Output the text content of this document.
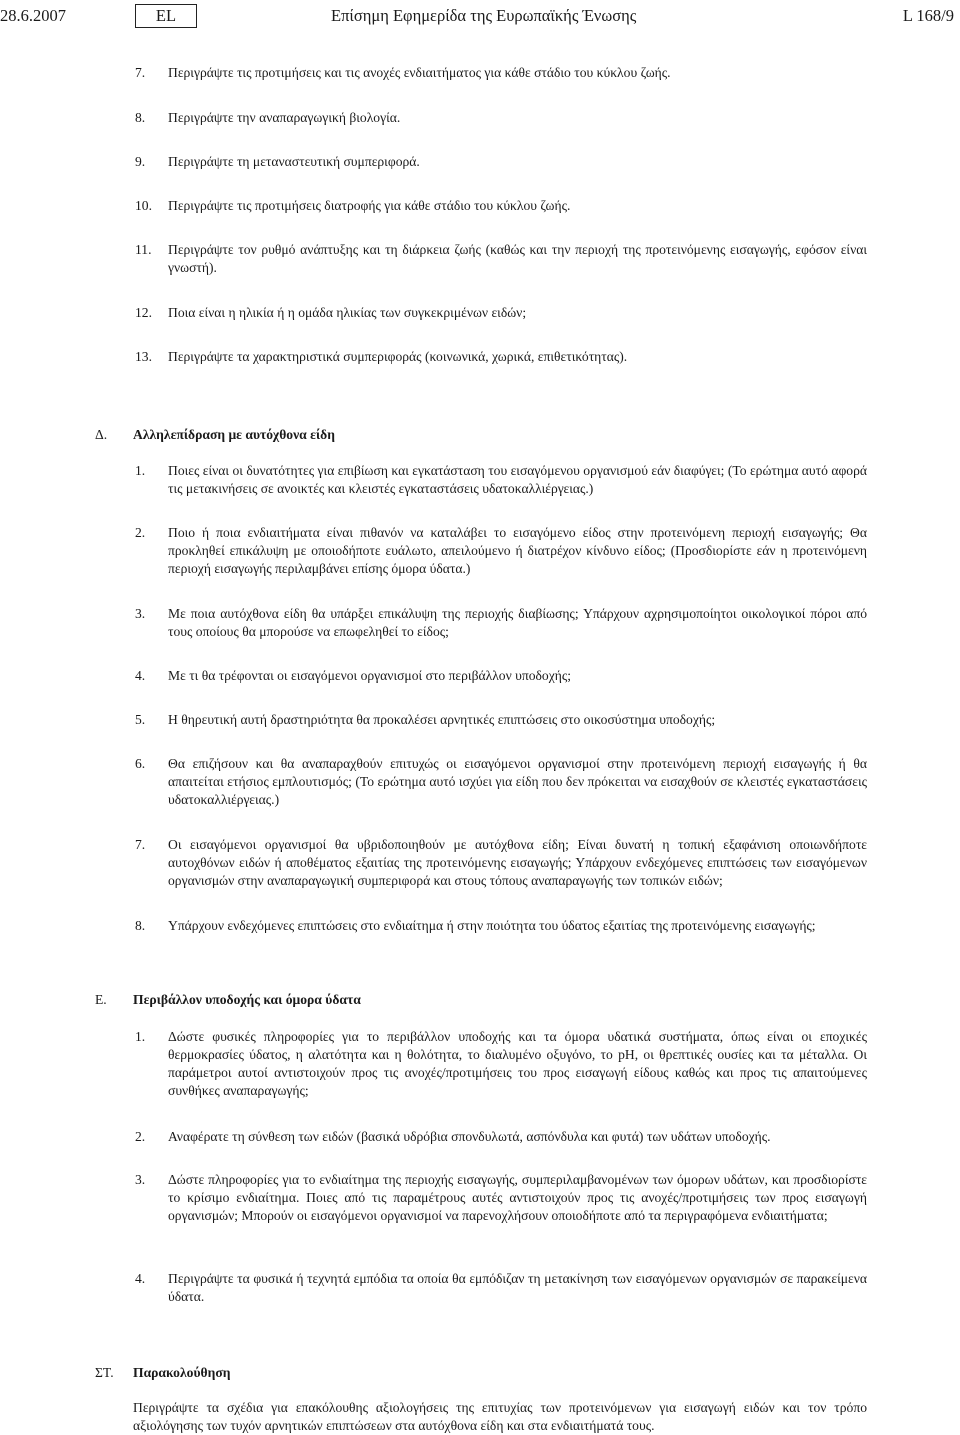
28.6.2007	EL	Επίσημη Εφημερίδα της Ευρωπαϊκής Ένωσης	L 168/9
7. Περιγράψτε τις προτιμήσεις και τις ανοχές ενδιαιτήματος για κάθε στάδιο του κύκλου ζωής.
8. Περιγράψτε την αναπαραγωγική βιολογία.
9. Περιγράψτε τη μεταναστευτική συμπεριφορά.
10. Περιγράψτε τις προτιμήσεις διατροφής για κάθε στάδιο του κύκλου ζωής.
11. Περιγράψτε τον ρυθμό ανάπτυξης και τη διάρκεια ζωής (καθώς και την περιοχή της προτεινόμενης εισαγωγής, εφόσον είναι γνωστή).
12. Ποια είναι η ηλικία ή η ομάδα ηλικίας των συγκεκριμένων ειδών;
13. Περιγράψτε τα χαρακτηριστικά συμπεριφοράς (κοινωνικά, χωρικά, επιθετικότητας).
Δ. Αλληλεπίδραση με αυτόχθονα είδη
1. Ποιες είναι οι δυνατότητες για επιβίωση και εγκατάσταση του εισαγόμενου οργανισμού εάν διαφύγει; (Το ερώτημα αυτό αφορά τις μετακινήσεις σε ανοικτές και κλειστές εγκαταστάσεις υδατοκαλλιέργειας.)
2. Ποιο ή ποια ενδιαιτήματα είναι πιθανόν να καταλάβει το εισαγόμενο είδος στην προτεινόμενη περιοχή εισαγωγής; Θα προκληθεί επικάλυψη με οποιοδήποτε ευάλωτο, απειλούμενο ή διατρέχον κίνδυνο είδος; (Προσδιορίστε εάν η προτεινόμενη περιοχή εισαγωγής περιλαμβάνει επίσης όμορα ύδατα.)
3. Με ποια αυτόχθονα είδη θα υπάρξει επικάλυψη της περιοχής διαβίωσης; Υπάρχουν αχρησιμοποίητοι οικολογικοί πόροι από τους οποίους θα μπορούσε να επωφεληθεί το είδος;
4. Με τι θα τρέφονται οι εισαγόμενοι οργανισμοί στο περιβάλλον υποδοχής;
5. Η θηρευτική αυτή δραστηριότητα θα προκαλέσει αρνητικές επιπτώσεις στο οικοσύστημα υποδοχής;
6. Θα επιζήσουν και θα αναπαραχθούν επιτυχώς οι εισαγόμενοι οργανισμοί στην προτεινόμενη περιοχή εισαγωγής ή θα απαιτείται ετήσιος εμπλουτισμός; (Το ερώτημα αυτό ισχύει για είδη που δεν πρόκειται να εισαχθούν σε κλειστές εγκαταστάσεις υδατοκαλλιέργειας.)
7. Οι εισαγόμενοι οργανισμοί θα υβριδοποιηθούν με αυτόχθονα είδη; Είναι δυνατή η τοπική εξαφάνιση οποιωνδήποτε αυτοχθόνων ειδών ή αποθέματος εξαιτίας της προτεινόμενης εισαγωγής; Υπάρχουν ενδεχόμενες επιπτώσεις των εισαγόμενων οργανισμών στην αναπαραγωγική συμπεριφορά και στους τόπους αναπαραγωγής των τοπικών ειδών;
8. Υπάρχουν ενδεχόμενες επιπτώσεις στο ενδιαίτημα ή στην ποιότητα του ύδατος εξαιτίας της προτεινόμενης εισαγωγής;
Ε. Περιβάλλον υποδοχής και όμορα ύδατα
1. Δώστε φυσικές πληροφορίες για το περιβάλλον υποδοχής και τα όμορα υδατικά συστήματα, όπως είναι οι εποχικές θερμοκρασίες ύδατος, η αλατότητα και η θολότητα, το διαλυμένο οξυγόνο, το pH, οι θρεπτικές ουσίες και τα μέταλλα. Οι παράμετροι αυτοί αντιστοιχούν προς τις ανοχές/προτιμήσεις του προς εισαγωγή είδους καθώς και προς τις απαιτούμενες συνθήκες αναπαραγωγής;
2. Αναφέρατε τη σύνθεση των ειδών (βασικά υδρόβια σπονδυλωτά, ασπόνδυλα και φυτά) των υδάτων υποδοχής.
3. Δώστε πληροφορίες για το ενδιαίτημα της περιοχής εισαγωγής, συμπεριλαμβανομένων των όμορων υδάτων, και προσδιορίστε το κρίσιμο ενδιαίτημα. Ποιες από τις παραμέτρους αυτές αντιστοιχούν προς τις ανοχές/προτιμήσεις των προς εισαγωγή οργανισμών; Μπορούν οι εισαγόμενοι οργανισμοί να παρενοχλήσουν οποιοδήποτε από τα περιγραφόμενα ενδιαιτήματα;
4. Περιγράψτε τα φυσικά ή τεχνητά εμπόδια τα οποία θα εμπόδιζαν τη μετακίνηση των εισαγόμενων οργανισμών σε παρακείμενα ύδατα.
ΣΤ. Παρακολούθηση
Περιγράψτε τα σχέδια για επακόλουθης αξιολογήσεις της επιτυχίας των προτεινόμενων για εισαγωγή ειδών και τον τρόπο αξιολόγησης των τυχόν αρνητικών επιπτώσεων στα αυτόχθονα είδη και στα ενδιαιτήματά τους.
